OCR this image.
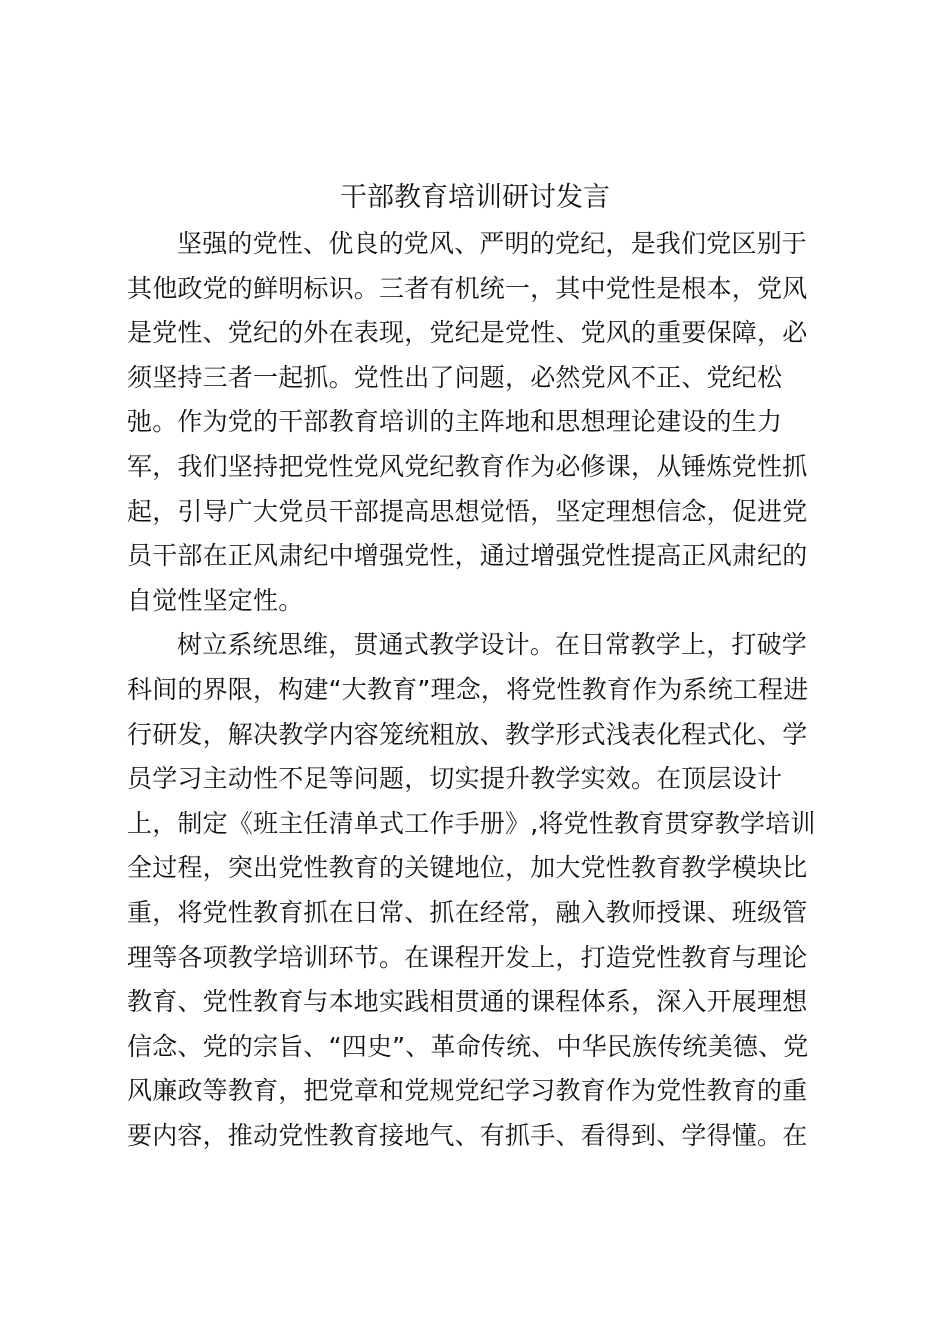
干部教育培训研讨发言
坚强的党性、优良的党风、严明的党纪，是我们党区别于
其他政党的鲜明标识。三者有机统一，其中党性是根本，党风
是党性、党纪的外在表现，党纪是党性、党风的重要保障，必
须坚持三者一起抓。党性出了问题，必然党风不正、党纪松
弛。作为党的干部教育培训的主阵地和思想理论建设的生力
军，我们坚持把党性党风党纪教育作为必修课，从锤炼党性抓
起，引导广大党员干部提高思想觉悟，坚定理想信念，促进党
员干部在正风肃纪中增强党性，通过增强党性提高正风肃纪的
自觉性坚定性。
树立系统思维，贯通式教学设计。在日常教学上，打破学
科间的界限，构建“大教育”理念，将党性教育作为系统工程进
行研发，解决教学内容笼统粗放、教学形式浅表化程式化、学
员学习主动性不足等问题，切实提升教学实效。在顶层设计
上，制定《班主任清单式工作手册》,将党性教育贯穿教学培训
全过程，突出党性教育的关键地位，加大党性教育教学模块比
重，将党性教育抓在日常、抓在经常，融入教师授课、班级管
理等各项教学培训环节。在课程开发上，打造党性教育与理论
教育、党性教育与本地实践相贯通的课程体系，深入开展理想
信念、党的宗旨、“四史”、革命传统、中华民族传统美德、党
风廉政等教育，把党章和党规党纪学习教育作为党性教育的重
要内容，推动党性教育接地气、有抓手、看得到、学得懂。在
